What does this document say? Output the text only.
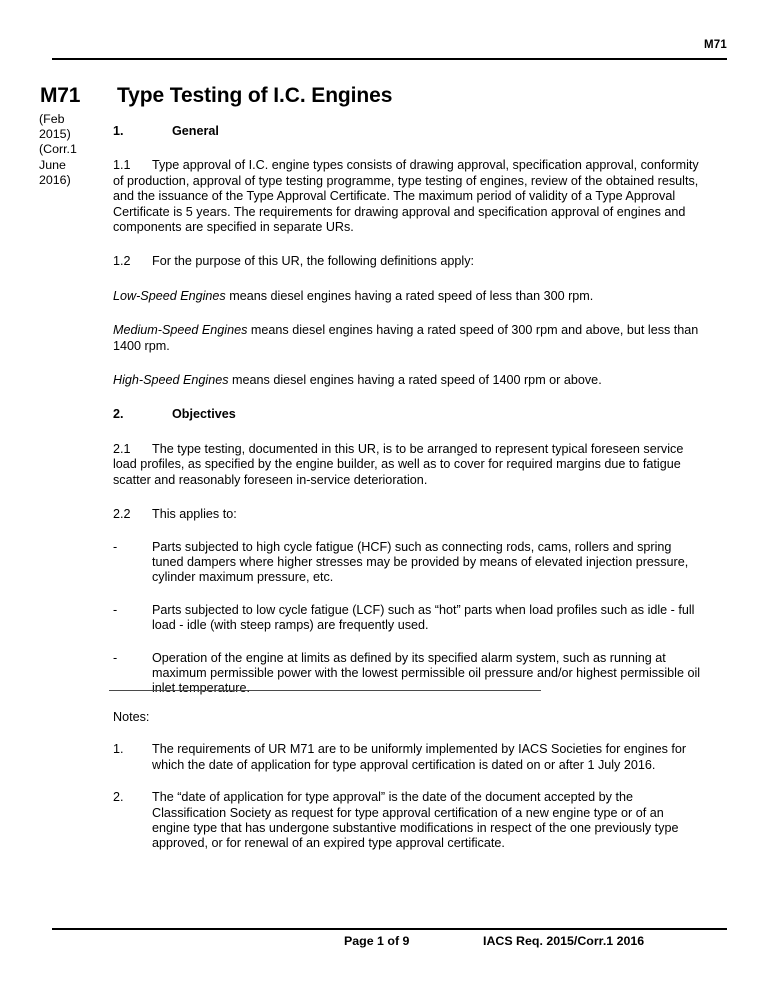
M71
M71 Type Testing of I.C. Engines
(Feb
2015)
(Corr.1
June
2016)
1.	General

1.1 Type approval of I.C. engine types consists of drawing approval, specification approval, conformity of production, approval of type testing programme, type testing of engines, review of the obtained results, and the issuance of the Type Approval Certificate. The maximum period of validity of a Type Approval Certificate is 5 years. The requirements for drawing approval and specification approval of engines and components are specified in separate URs.

1.2 For the purpose of this UR, the following definitions apply:

Low-Speed Engines means diesel engines having a rated speed of less than 300 rpm.

Medium-Speed Engines means diesel engines having a rated speed of 300 rpm and above, but less than 1400 rpm.

High-Speed Engines means diesel engines having a rated speed of 1400 rpm or above.

2.	Objectives

2.1 The type testing, documented in this UR, is to be arranged to represent typical foreseen service load profiles, as specified by the engine builder, as well as to cover for required margins due to fatigue scatter and reasonably foreseen in-service deterioration.

2.2 This applies to:

-	Parts subjected to high cycle fatigue (HCF) such as connecting rods, cams, rollers and spring tuned dampers where higher stresses may be provided by means of elevated injection pressure, cylinder maximum pressure, etc.
-	Parts subjected to low cycle fatigue (LCF) such as “hot” parts when load profiles such as idle - full load - idle (with steep ramps) are frequently used.
-	Operation of the engine at limits as defined by its specified alarm system, such as running at maximum permissible power with the lowest permissible oil pressure and/or highest permissible oil inlet temperature.

Notes:

1.	The requirements of UR M71 are to be uniformly implemented by IACS Societies for engines for which the date of application for type approval certification is dated on or after 1 July 2016.
2.	The “date of application for type approval” is the date of the document accepted by the Classification Society as request for type approval certification of a new engine type or of an engine type that has undergone substantive modifications in respect of the one previously type approved, or for renewal of an expired type approval certificate.
Page 1 of 9	IACS Req. 2015/Corr.1 2016
